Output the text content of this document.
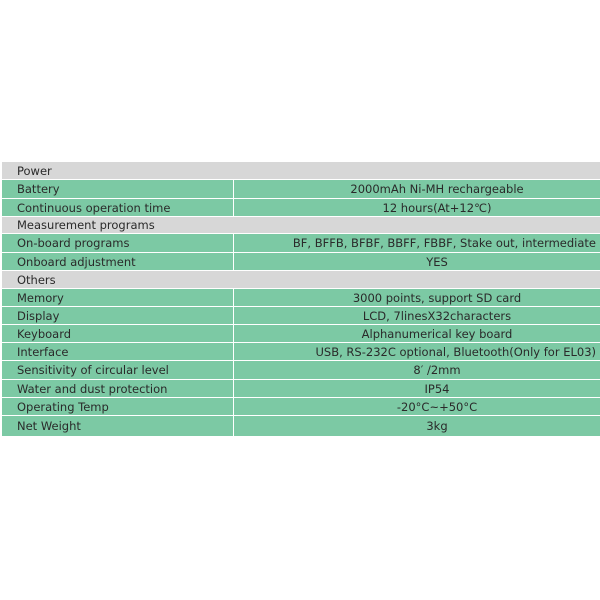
Power
Battery	2000mAh Ni-MH rechargeable
Continuous operation time	12 hours(At+12℃)
Measurement programs
On-board programs	BF, BFFB, BFBF, BBFF, FBBF, Stake out, intermediate
Onboard adjustment	YES
Others
Memory	3000 points, support SD card
Display	LCD, 7linesX32characters
Keyboard	Alphanumerical key board
Interface	USB, RS-232C optional, Bluetooth(Only for EL03)
Sensitivity of circular level	8′ /2mm
Water and dust protection	IP54
Operating Temp	-20°C~+50°C
Net Weight	3kg
